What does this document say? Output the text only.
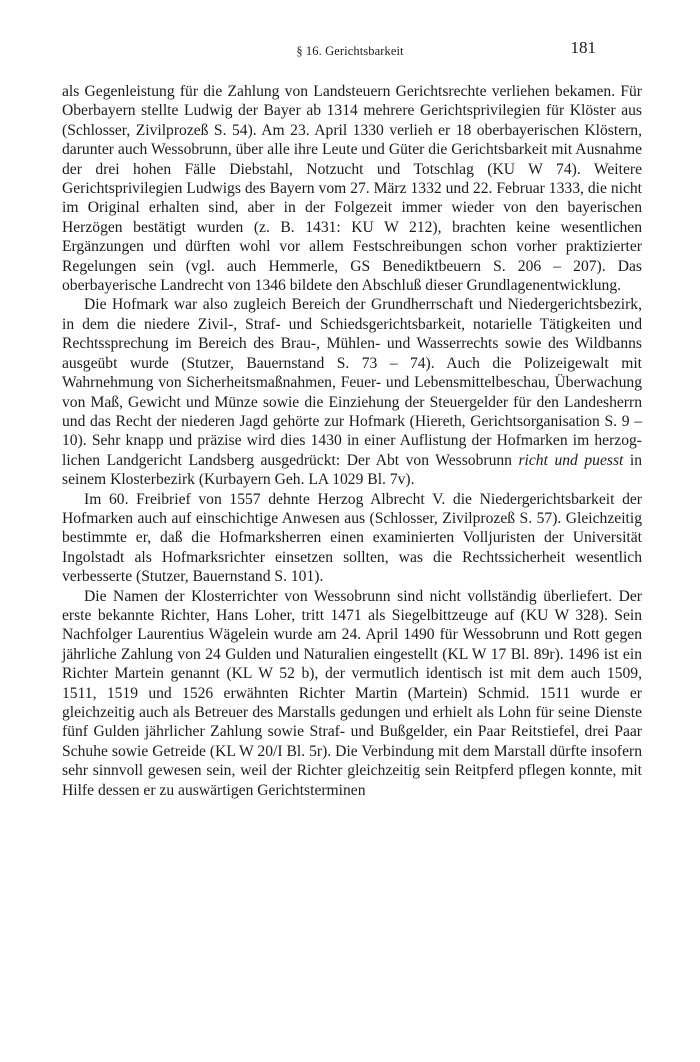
§ 16. Gerichtsbarkeit	181

als Gegenleistung für die Zahlung von Landsteuern Gerichtsrechte verliehen bekamen. Für Oberbayern stellte Ludwig der Bayer ab 1314 mehrere Gerichtsprivilegien für Klöster aus (Schlosser, Zivilprozeß S. 54). Am 23. April 1330 verlieh er 18 oberbayerischen Klöstern, darunter auch Wessobrunn, über alle ihre Leute und Güter die Gerichtsbarkeit mit Ausnahme der drei hohen Fälle Diebstahl, Notzucht und Totschlag (KU W 74). Weitere Gerichtsprivilegien Ludwigs des Bayern vom 27. März 1332 und 22. Februar 1333, die nicht im Original erhalten sind, aber in der Folgezeit immer wieder von den bayerischen Herzögen bestätigt wurden (z. B. 1431: KU W 212), brachten keine wesentlichen Ergänzungen und dürften wohl vor allem Festschreibungen schon vorher praktizierter Regelungen sein (vgl. auch Hemmerle, GS Benediktbeuern S. 206 – 207). Das oberbayerische Landrecht von 1346 bildete den Abschluß dieser Grundlagenentwicklung.

Die Hofmark war also zugleich Bereich der Grundherrschaft und Niedergerichtsbezirk, in dem die niedere Zivil-, Straf- und Schiedsgerichtsbarkeit, notarielle Tätigkeiten und Rechtssprechung im Bereich des Brau-, Mühlen- und Wasserrechts sowie des Wildbanns ausgeübt wurde (Stutzer, Bauernstand S. 73 – 74). Auch die Polizeigewalt mit Wahrnehmung von Sicherheitsmaßnahmen, Feuer- und Lebensmittelbeschau, Überwachung von Maß, Gewicht und Münze sowie die Einziehung der Steuergelder für den Landesherrn und das Recht der niederen Jagd gehörte zur Hofmark (Hiereth, Gerichtsorganisation S. 9 – 10). Sehr knapp und präzise wird dies 1430 in einer Auflistung der Hofmarken im herzoglichen Landgericht Landsberg ausgedrückt: Der Abt von Wessobrunn richt und puesst in seinem Klosterbezirk (Kurbayern Geh. LA 1029 Bl. 7v).

Im 60. Freibrief von 1557 dehnte Herzog Albrecht V. die Niedergerichtsbarkeit der Hofmarken auch auf einschichtige Anwesen aus (Schlosser, Zivilprozeß S. 57). Gleichzeitig bestimmte er, daß die Hofmarksherren einen examinierten Volljuristen der Universität Ingolstadt als Hofmarksrichter einsetzen sollten, was die Rechtssicherheit wesentlich verbesserte (Stutzer, Bauernstand S. 101).

Die Namen der Klosterrichter von Wessobrunn sind nicht vollständig überliefert. Der erste bekannte Richter, Hans Loher, tritt 1471 als Siegelbittzeuge auf (KU W 328). Sein Nachfolger Laurentius Wägelein wurde am 24. April 1490 für Wessobrunn und Rott gegen jährliche Zahlung von 24 Gulden und Naturalien eingestellt (KL W 17 Bl. 89r). 1496 ist ein Richter Martein genannt (KL W 52 b), der vermutlich identisch ist mit dem auch 1509, 1511, 1519 und 1526 erwähnten Richter Martin (Martein) Schmid. 1511 wurde er gleichzeitig auch als Betreuer des Marstalls gedungen und erhielt als Lohn für seine Dienste fünf Gulden jährlicher Zahlung sowie Straf- und Bußgelder, ein Paar Reitstiefel, drei Paar Schuhe sowie Getreide (KL W 20/I Bl. 5r). Die Verbindung mit dem Marstall dürfte insofern sehr sinnvoll gewesen sein, weil der Richter gleichzeitig sein Reitpferd pflegen konnte, mit Hilfe dessen er zu auswärtigen Gerichtsterminen
